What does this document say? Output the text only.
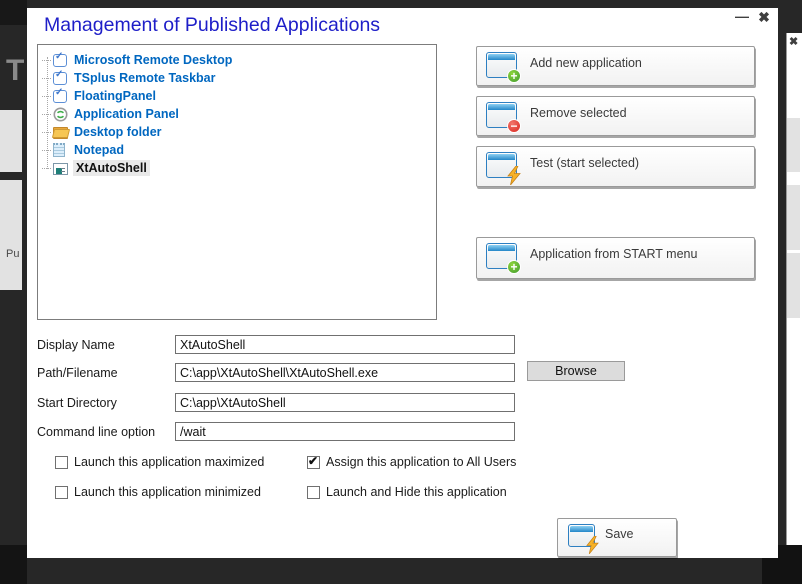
T
Pu
✖
Management of Published Applications	— ✖
✓
Microsoft Remote Desktop
✓
TSplus Remote Taskbar
✓
FloatingPanel
Application Panel
Desktop folder
Notepad
XtAutoShell
+
Add new application
−
Remove selected
Test (start selected)
+
Application from START menu
Display Name
XtAutoShell
Path/Filename
C:\app\XtAutoShell\XtAutoShell.exe	Browse
Start Directory
C:\app\XtAutoShell
Command line option
/wait
Launch this application maximized
Launch this application minimized
✔ Assign this application to All Users
Launch and Hide this application
Save
